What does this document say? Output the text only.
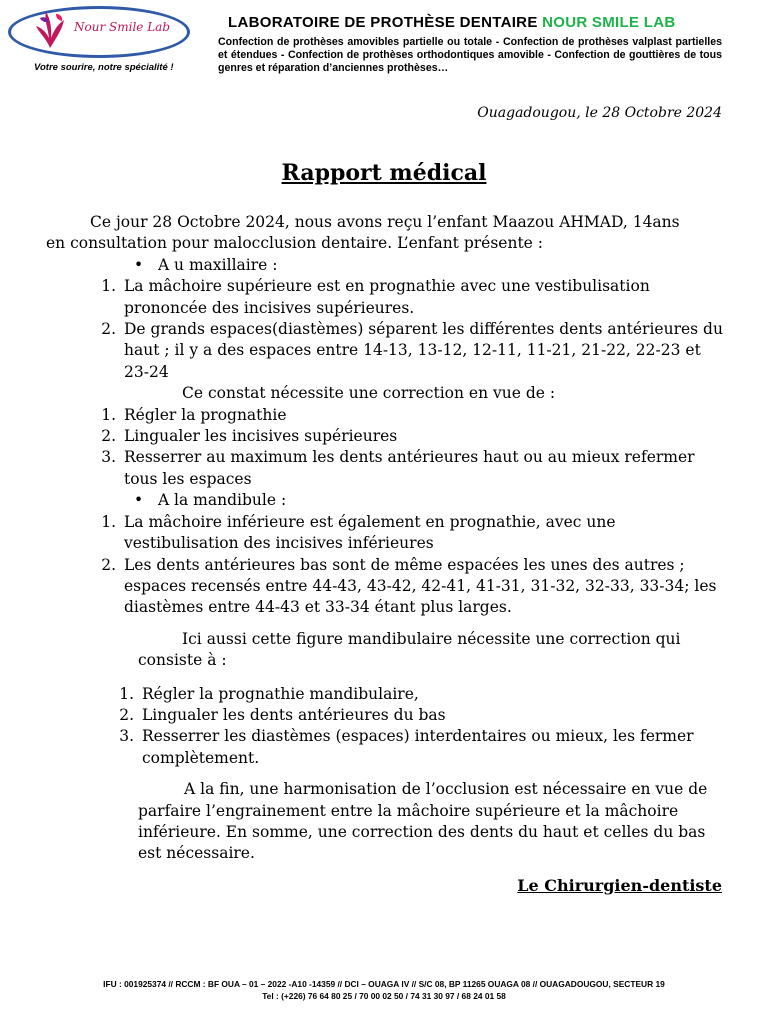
Nour Smile Lab
Votre sourire, notre spécialité !
LABORATOIRE DE PROTHÈSE DENTAIRE NOUR SMILE LAB
Confection de prothèses amovibles partielle ou totale - Confection de prothèses valplast partielles et étendues - Confection de prothèses orthodontiques amovible - Confection de gouttières de tous genres et réparation d’anciennes prothèses…
Ouagadougou, le 28 Octobre 2024
Rapport médical

Ce jour 28 Octobre 2024, nous avons reçu l’enfant Maazou AHMAD, 14ans

en consultation pour malocclusion dentaire. L’enfant présente :

•   A u maxillaire :
1. La mâchoire supérieure est en prognathie avec une vestibulisation prononcée des incisives supérieures.
2. De grands espaces(diastèmes) séparent les différentes dents antérieures du haut ; il y a des espaces entre 14-13, 13-12, 12-11, 11-21, 21-22, 22-23 et 23-24
Ce constat nécessite une correction en vue de :
1. Régler la prognathie
2. Lingualer les incisives supérieures
3. Resserrer au maximum les dents antérieures haut ou au mieux refermer tous les espaces
•   A la mandibule :
1. La mâchoire inférieure est également en prognathie, avec une vestibulisation des incisives inférieures
2. Les dents antérieures bas sont de même espacées les unes des autres ; espaces recensés entre 44-43, 43-42, 42-41, 41-31, 31-32, 32-33, 33-34; les diastèmes entre 44-43 et 33-34 étant plus larges.

Ici aussi cette figure mandibulaire nécessite une correction qui consiste à :

1. Régler la prognathie mandibulaire,
2. Lingualer les dents antérieures du bas
3. Resserrer les diastèmes (espaces) interdentaires ou mieux, les fermer complètement.

A la fin, une harmonisation de l’occlusion est nécessaire en vue de parfaire l’engrainement entre la mâchoire supérieure et la mâchoire inférieure. En somme, une correction des dents du haut et celles du bas est nécessaire.

Le Chirurgien-dentiste
IFU : 001925374 // RCCM : BF OUA – 01 – 2022 -A10 -14359 // DCI – OUAGA IV // S/C 08, BP 11265 OUAGA 08 // OUAGADOUGOU, SECTEUR 19
Tel : (+226) 76 64 80 25 / 70 00 02 50 / 74 31 30 97 / 68 24 01 58
